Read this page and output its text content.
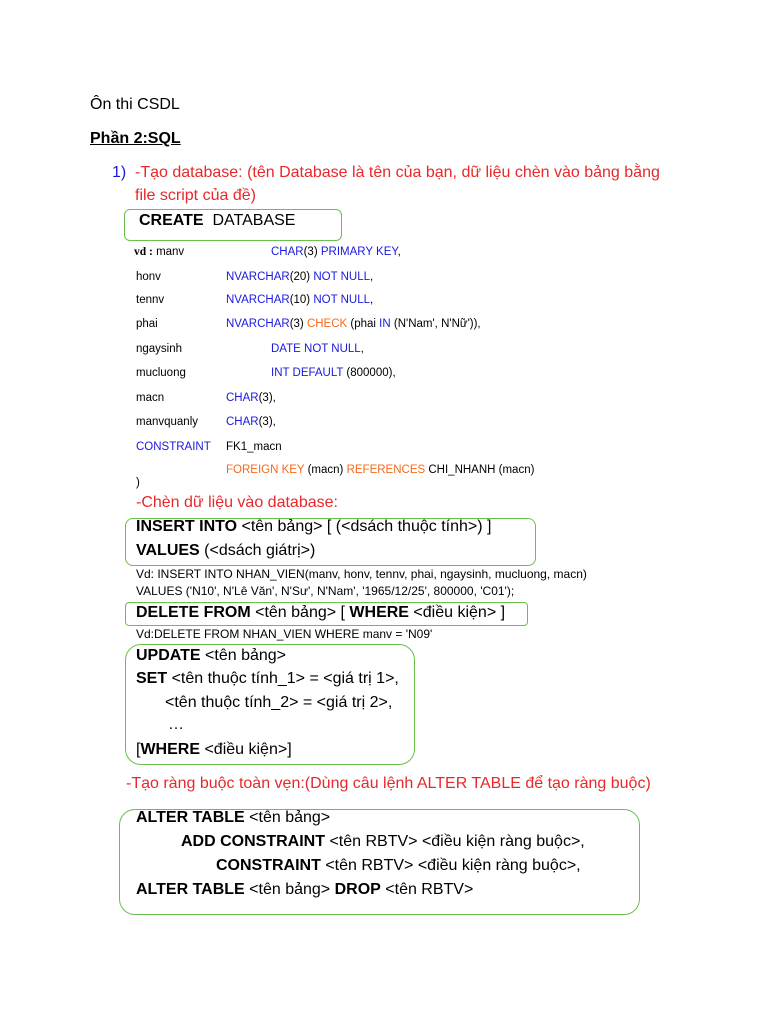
Ôn thi CSDL
Phần 2:SQL
1) -Tạo database: (tên Database là tên của bạn, dữ liệu chèn vào bảng bằng
file script của đề)
CREATE DATABASE
vd : manv	CHAR(3) PRIMARY KEY,
honv	NVARCHAR(20) NOT NULL,
tennv	NVARCHAR(10) NOT NULL,
phai	NVARCHAR(3) CHECK (phai IN (N'Nam', N'Nữ')),
ngaysinh	DATE NOT NULL,
mucluong	INT DEFAULT (800000),
macn	CHAR(3),
manvquanly CHAR(3),
CONSTRAINT FK1_macn
FOREIGN KEY (macn) REFERENCES CHI_NHANH (macn)
)
-Chèn dữ liệu vào database:
INSERT INTO <tên bảng> [ (<dsách thuộc tính>) ]
VALUES (<dsách giátrị>)
Vd: INSERT INTO NHAN_VIEN(manv, honv, tennv, phai, ngaysinh, mucluong, macn)
VALUES ('N10', N'Lê Văn', N'Sư', N'Nam', '1965/12/25', 800000, 'C01');
DELETE FROM <tên bảng> [ WHERE <điều kiện> ]
Vd:DELETE FROM NHAN_VIEN WHERE manv = 'N09'
UPDATE <tên bảng>
SET <tên thuộc tính_1> = <giá trị 1>,
<tên thuộc tính_2> = <giá trị 2>,
…
[WHERE <điều kiện>]
-Tạo ràng buộc toàn vẹn:(Dùng câu lệnh ALTER TABLE để tạo ràng buộc)
ALTER TABLE <tên bảng>
ADD CONSTRAINT <tên RBTV> <điều kiện ràng buộc>,
CONSTRAINT <tên RBTV> <điều kiện ràng buộc>,
ALTER TABLE <tên bảng> DROP <tên RBTV>
